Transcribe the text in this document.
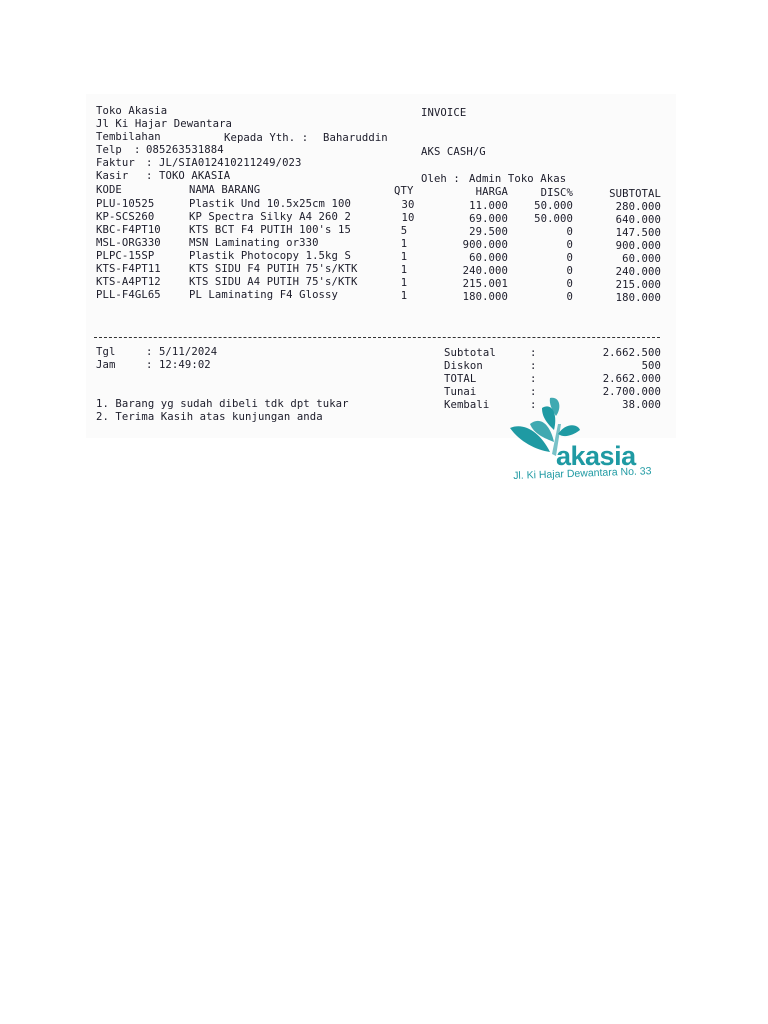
Toko Akasia
Jl Ki Hajar Dewantara
Tembilahan
Telp : 085263531884
Faktur : JL/SIA012410211249/023
Kasir : TOKO AKASIA
INVOICE
Kepada Yth. : Baharuddin
AKS CASH/G
Oleh : Admin Toko Akas
KODE	NAMA BARANG	QTY	HARGA	DISC%	SUBTOTAL
PLU-10525	Plastik Und 10.5x25cm 100	30	11.000	50.000	280.000
KP-SCS260	KP Spectra Silky A4 260 2	10	69.000	50.000	640.000
KBC-F4PT10	KTS BCT F4 PUTIH 100's 15	5	29.500	0	147.500
MSL-ORG330	MSN Laminating or330	1	900.000	0	900.000
PLPC-15SP	Plastik Photocopy 1.5kg S	1	60.000	0	60.000
KTS-F4PT11	KTS SIDU F4 PUTIH 75's/KTK	1	240.000	0	240.000
KTS-A4PT12	KTS SIDU A4 PUTIH 75's/KTK	1	215.001	0	215.000
PLL-F4GL65	PL Laminating F4 Glossy	1	180.000	0	180.000
Tgl	: 5/11/2024
Jam	: 12:49:02
1. Barang yg sudah dibeli tdk dpt tukar
2. Terima Kasih atas kunjungan anda
Subtotal	:	2.662.500
Diskon	:	500
TOTAL	:	2.662.000
Tunai	:	2.700.000
Kembali	:	38.000
akasia
Jl. Ki Hajar Dewantara No. 33
